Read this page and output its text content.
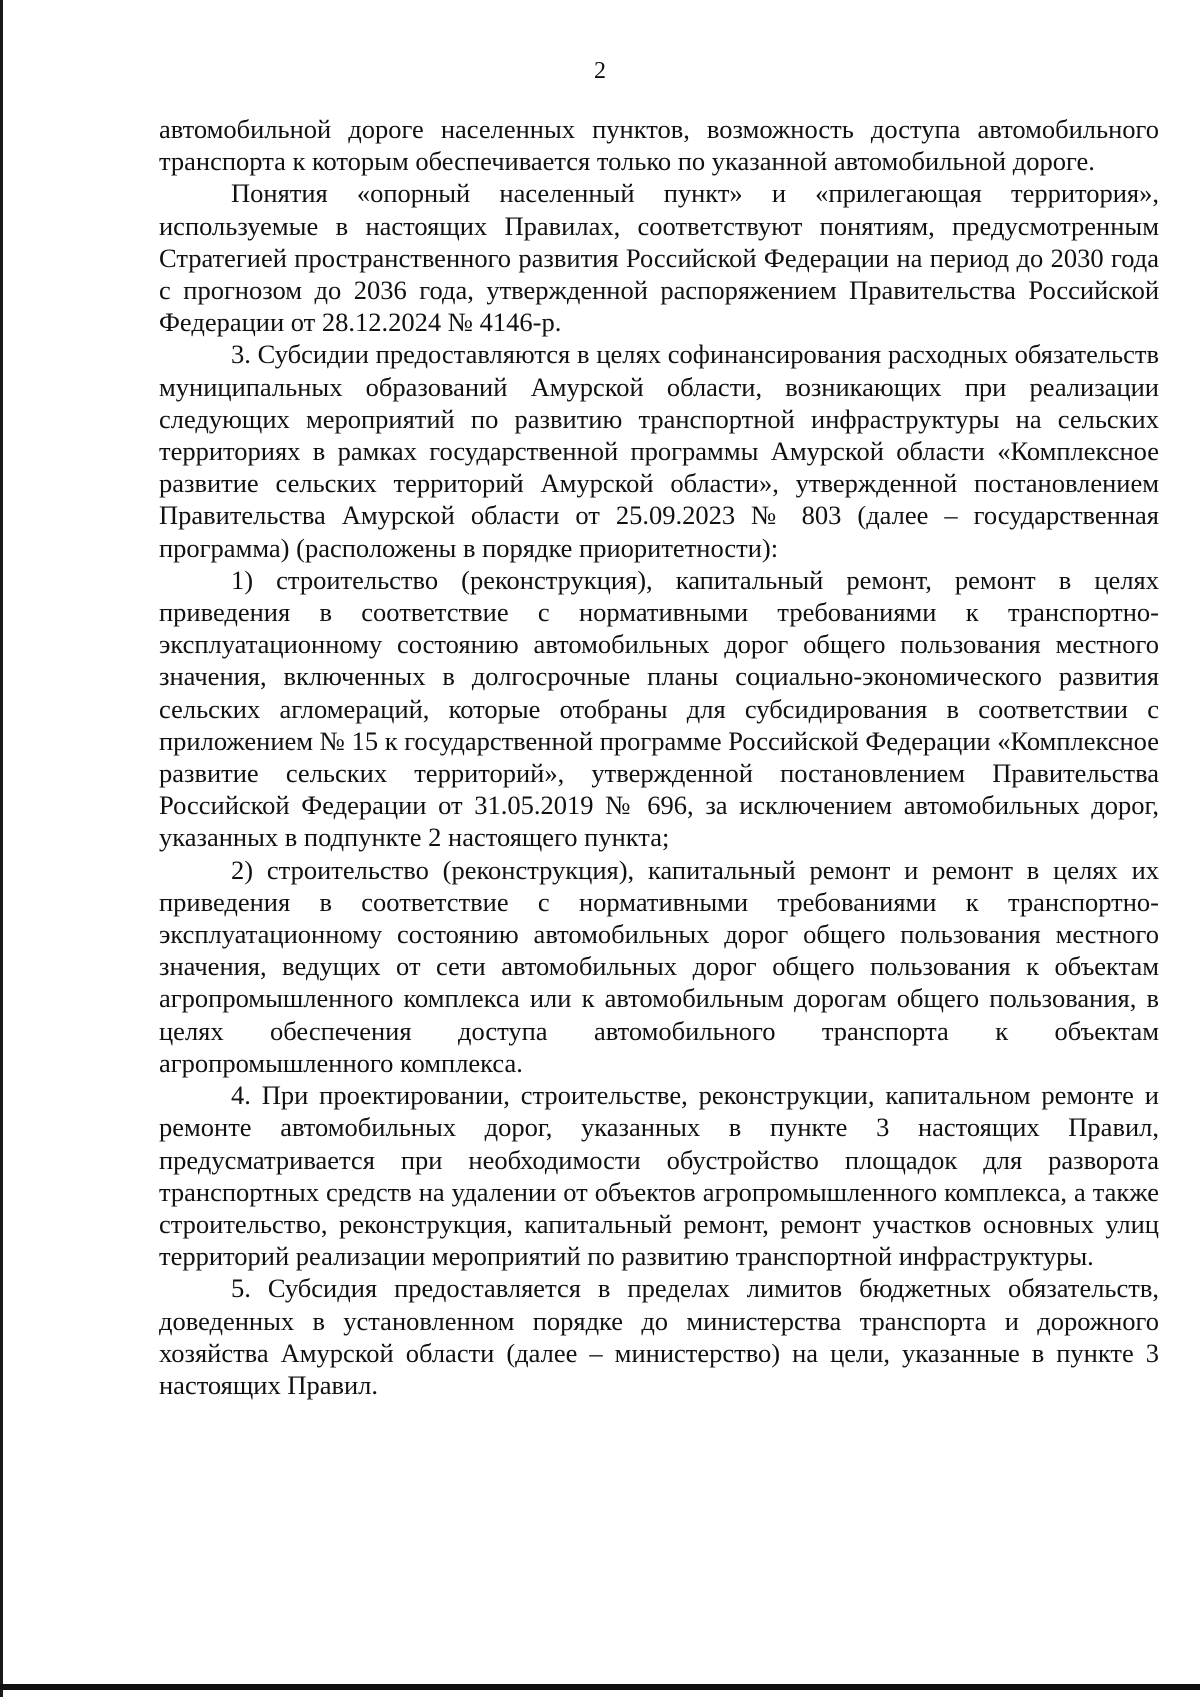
2

автомобильной дороге населенных пунктов, возможность доступа автомобильного транспорта к которым обеспечивается только по указанной автомобильной дороге.

Понятия «опорный населенный пункт» и «прилегающая территория», используемые в настоящих Правилах, соответствуют понятиям, предусмотренным Стратегией пространственного развития Российской Федерации на период до 2030 года с прогнозом до 2036 года, утвержденной распоряжением Правительства Российской Федерации от 28.12.2024 № 4146-р.

3. Субсидии предоставляются в целях софинансирования расходных обязательств муниципальных образований Амурской области, возникающих при реализации следующих мероприятий по развитию транспортной инфраструктуры на сельских территориях в рамках государственной программы Амурской области «Комплексное развитие сельских территорий Амурской области», утвержденной постановлением Правительства Амурской области от 25.09.2023 № 803 (далее – государственная программа) (расположены в порядке приоритетности):

1) строительство (реконструкция), капитальный ремонт, ремонт в целях приведения в соответствие с нормативными требованиями к транспортно-эксплуатационному состоянию автомобильных дорог общего пользования местного значения, включенных в долгосрочные планы социально-экономического развития сельских агломераций, которые отобраны для субсидирования в соответствии с приложением № 15 к государственной программе Российской Федерации «Комплексное развитие сельских территорий», утвержденной постановлением Правительства Российской Федерации от 31.05.2019 № 696, за исключением автомобильных дорог, указанных в подпункте 2 настоящего пункта;

2) строительство (реконструкция), капитальный ремонт и ремонт в целях их приведения в соответствие с нормативными требованиями к транспортно-эксплуатационному состоянию автомобильных дорог общего пользования местного значения, ведущих от сети автомобильных дорог общего пользования к объектам агропромышленного комплекса или к автомобильным дорогам общего пользования, в целях обеспечения доступа автомобильного транспорта к объектам агропромышленного комплекса.

4. При проектировании, строительстве, реконструкции, капитальном ремонте и ремонте автомобильных дорог, указанных в пункте 3 настоящих Правил, предусматривается при необходимости обустройство площадок для разворота транспортных средств на удалении от объектов агропромышленного комплекса, а также строительство, реконструкция, капитальный ремонт, ремонт участков основных улиц территорий реализации мероприятий по развитию транспортной инфраструктуры.

5. Субсидия предоставляется в пределах лимитов бюджетных обязательств, доведенных в установленном порядке до министерства транспорта и дорожного хозяйства Амурской области (далее – министерство) на цели, указанные в пункте 3 настоящих Правил.
